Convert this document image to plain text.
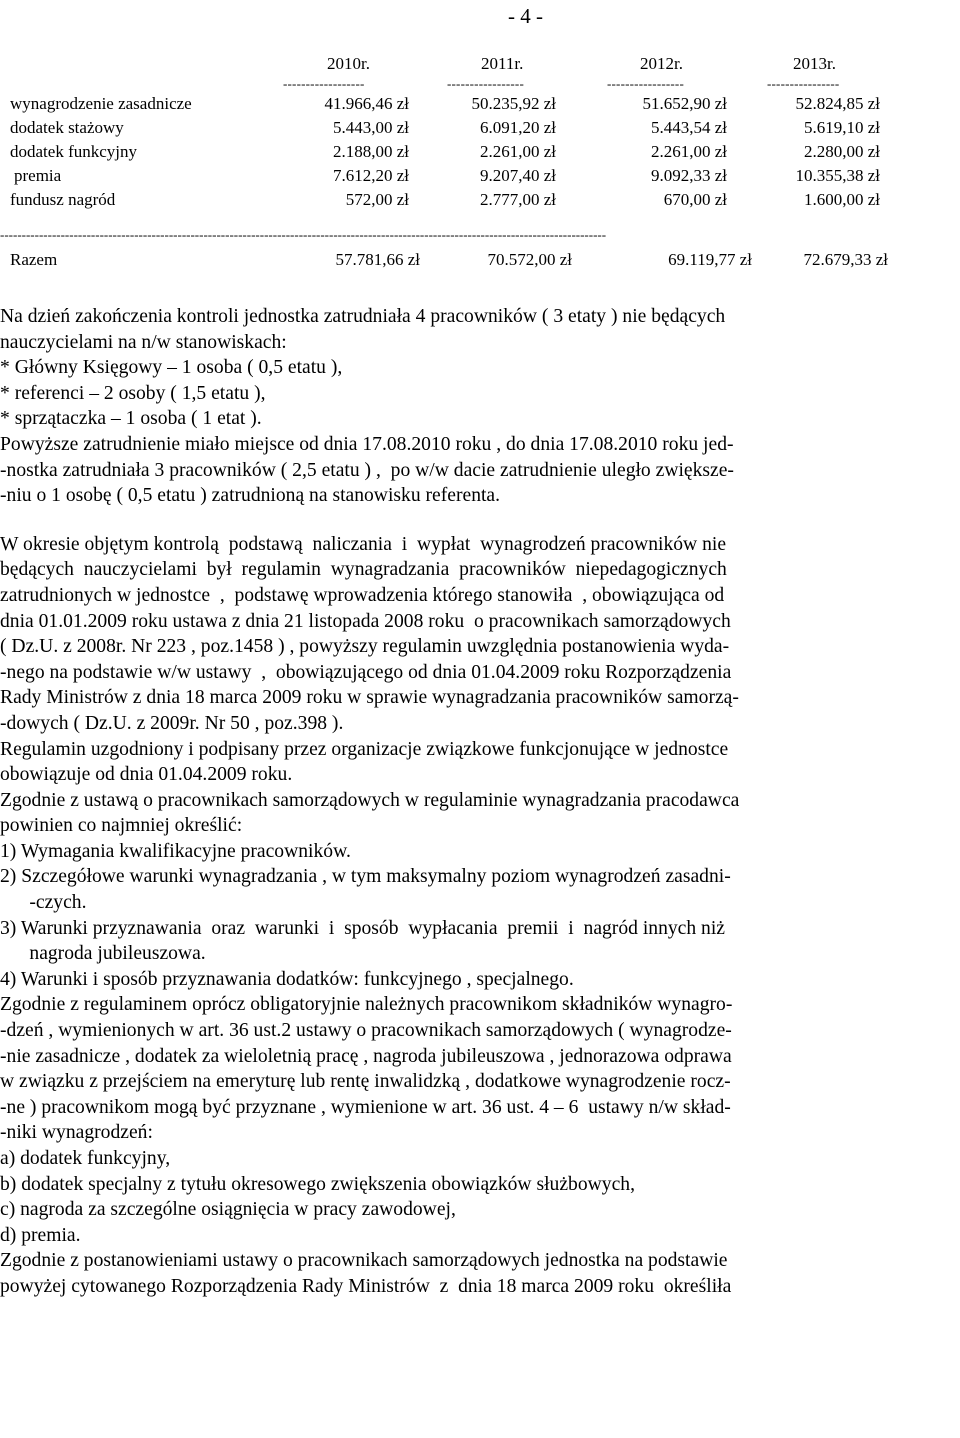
- 4 -
2010r.	2011r.	2012r.	2013r.
------------------	-----------------	-----------------	----------------
wynagrodzenie zasadnicze	41.966,46 zł	50.235,92 zł	51.652,90 zł	52.824,85 zł
dodatek stażowy	5.443,00 zł	6.091,20 zł	5.443,54 zł	5.619,10 zł
dodatek funkcyjny	2.188,00 zł	2.261,00 zł	2.261,00 zł	2.280,00 zł
premia	7.612,20 zł	9.207,40 zł	9.092,33 zł	10.355,38 zł
fundusz nagród	572,00 zł	2.777,00 zł	670,00 zł	1.600,00 zł
--------------------------------------------------------------------------------------------------------------------------------------------
Razem	57.781,66 zł	70.572,00 zł	69.119,77 zł	72.679,33 zł

Na dzień zakończenia kontroli jednostka zatrudniała 4 pracowników ( 3 etaty ) nie będących

nauczycielami na n/w stanowiskach:

* Główny Księgowy – 1 osoba ( 0,5 etatu ),

* referenci – 2 osoby ( 1,5 etatu ),

* sprzątaczka – 1 osoba ( 1 etat ).

Powyższe zatrudnienie miało miejsce od dnia 17.08.2010 roku , do dnia 17.08.2010 roku jed-

-nostka zatrudniała 3 pracowników ( 2,5 etatu ) ,  po w/w dacie zatrudnienie uległo zwiększe-

-niu o 1 osobę ( 0,5 etatu ) zatrudnioną na stanowisku referenta.

W okresie objętym kontrolą  podstawą  naliczania  i  wypłat  wynagrodzeń pracowników nie

będących  nauczycielami  był  regulamin  wynagradzania  pracowników  niepedagogicznych

zatrudnionych w jednostce  ,  podstawę wprowadzenia którego stanowiła  , obowiązująca od

dnia 01.01.2009 roku ustawa z dnia 21 listopada 2008 roku  o pracownikach samorządowych

( Dz.U. z 2008r. Nr 223 , poz.1458 ) , powyższy regulamin uwzględnia postanowienia wyda-

-nego na podstawie w/w ustawy  ,  obowiązującego od dnia 01.04.2009 roku Rozporządzenia

Rady Ministrów z dnia 18 marca 2009 roku w sprawie wynagradzania pracowników samorzą-

-dowych ( Dz.U. z 2009r. Nr 50 , poz.398 ).

Regulamin uzgodniony i podpisany przez organizacje związkowe funkcjonujące w jednostce

obowiązuje od dnia 01.04.2009 roku.

Zgodnie z ustawą o pracownikach samorządowych w regulaminie wynagradzania pracodawca

powinien co najmniej określić:

1) Wymagania kwalifikacyjne pracowników.

2) Szczegółowe warunki wynagradzania , w tym maksymalny poziom wynagrodzeń zasadni-

-czych.

3) Warunki przyznawania  oraz  warunki  i  sposób  wypłacania  premii  i  nagród innych niż

nagroda jubileuszowa.

4) Warunki i sposób przyznawania dodatków: funkcyjnego , specjalnego.

Zgodnie z regulaminem oprócz obligatoryjnie należnych pracownikom składników wynagro-

-dzeń , wymienionych w art. 36 ust.2 ustawy o pracownikach samorządowych ( wynagrodze-

-nie zasadnicze , dodatek za wieloletnią pracę , nagroda jubileuszowa , jednorazowa odprawa

w związku z przejściem na emeryturę lub rentę inwalidzką , dodatkowe wynagrodzenie rocz-

-ne ) pracownikom mogą być przyznane , wymienione w art. 36 ust. 4 – 6  ustawy n/w skład-

-niki wynagrodzeń:

a) dodatek funkcyjny,

b) dodatek specjalny z tytułu okresowego zwiększenia obowiązków służbowych,

c) nagroda za szczególne osiągnięcia w pracy zawodowej,

d) premia.

Zgodnie z postanowieniami ustawy o pracownikach samorządowych jednostka na podstawie

powyżej cytowanego Rozporządzenia Rady Ministrów  z  dnia 18 marca 2009 roku  określiła
